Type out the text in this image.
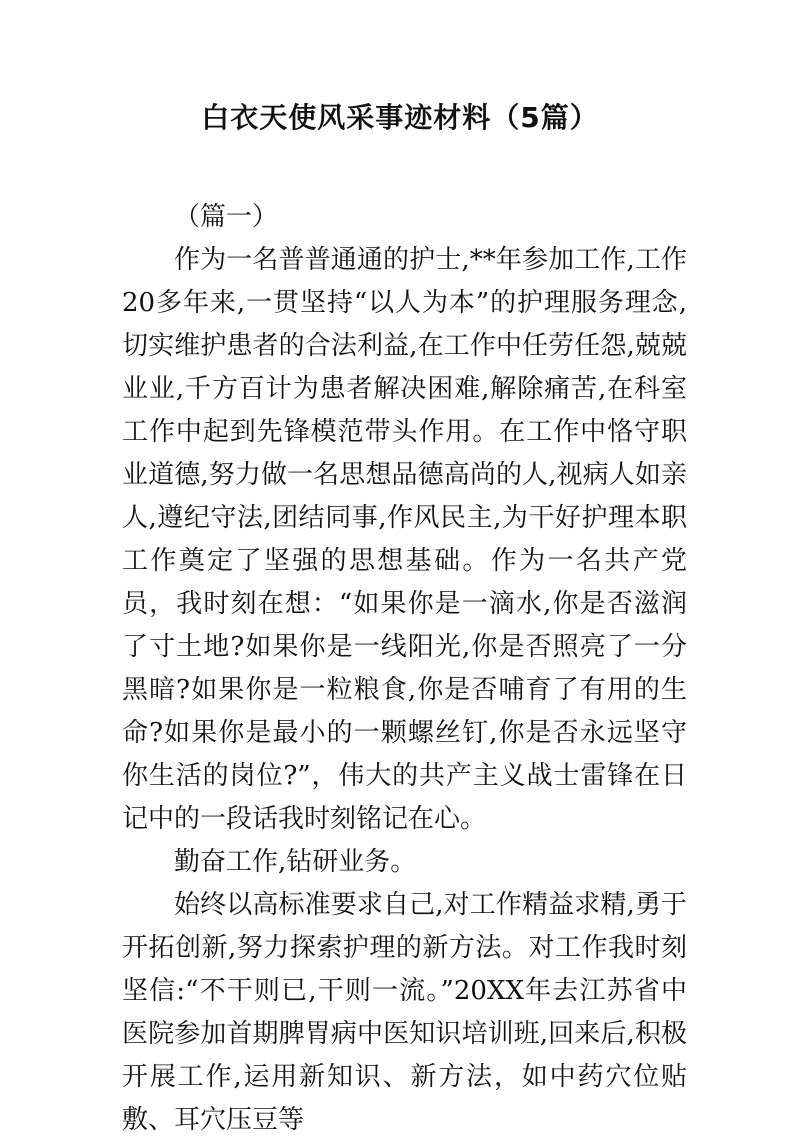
白衣天使风采事迹材料（5篇）

（篇一）

作为一名普普通通的护士,**年参加工作,工作20多年来,一贯坚持“以人为本”的护理服务理念,切实维护患者的合法利益,在工作中任劳任怨,兢兢业业,千方百计为患者解决困难,解除痛苦,在科室工作中起到先锋模范带头作用。在工作中恪守职业道德,努力做一名思想品德高尚的人,视病人如亲人,遵纪守法,团结同事,作风民主,为干好护理本职工作奠定了坚强的思想基础。作为一名共产党员，我时刻在想：“如果你是一滴水,你是否滋润了寸土地?如果你是一线阳光,你是否照亮了一分黑暗?如果你是一粒粮食,你是否哺育了有用的生命?如果你是最小的一颗螺丝钉,你是否永远坚守你生活的岗位?”，伟大的共产主义战士雷锋在日记中的一段话我时刻铭记在心。

勤奋工作,钻研业务。

始终以高标准要求自己,对工作精益求精,勇于开拓创新,努力探索护理的新方法。对工作我时刻坚信:“不干则已,干则一流。”20XX年去江苏省中医院参加首期脾胃病中医知识培训班,回来后,积极开展工作,运用新知识、新方法，如中药穴位贴敷、耳穴压豆等
